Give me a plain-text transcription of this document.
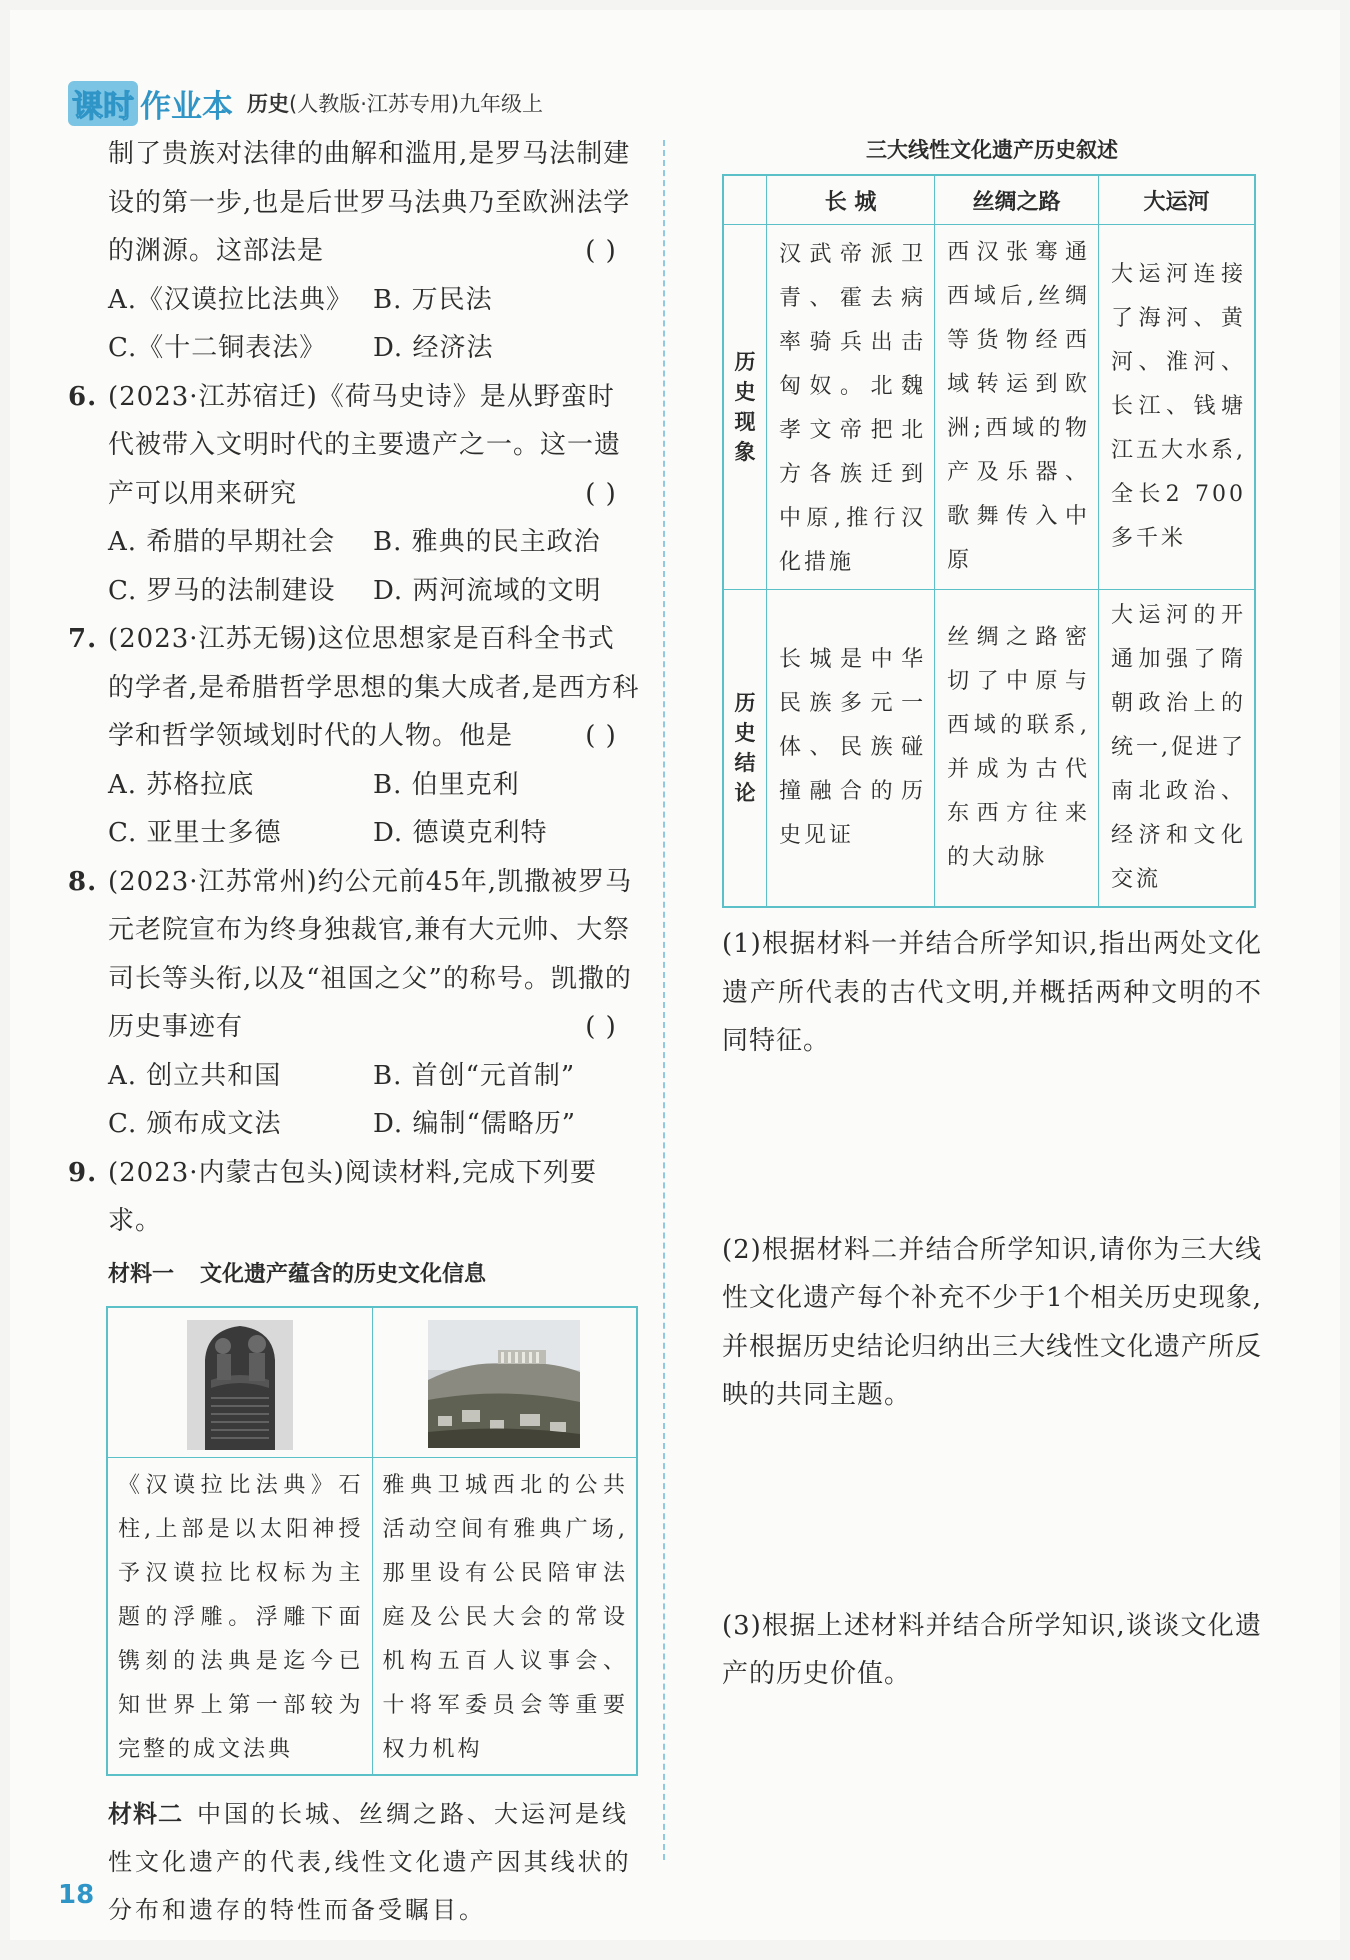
课时 作业本 历史(人教版·江苏专用)九年级上
制了贵族对法律的曲解和滥用,是罗马法制建设的第一步,也是后世罗马法典乃至欧洲法学的渊源。这部法是	( )
A.《汉谟拉比法典》 B. 万民法
C.《十二铜表法》	D. 经济法
6. (2023·江苏宿迁)《荷马史诗》是从野蛮时代被带入文明时代的主要遗产之一。这一遗产可以用来研究	( )
A. 希腊的早期社会	B. 雅典的民主政治
C. 罗马的法制建设	D. 两河流域的文明
7. (2023·江苏无锡)这位思想家是百科全书式的学者,是希腊哲学思想的集大成者,是西方科学和哲学领域划时代的人物。他是	( )
A. 苏格拉底	B. 伯里克利
C. 亚里士多德	D. 德谟克利特
8. (2023·江苏常州)约公元前45年,凯撒被罗马元老院宣布为终身独裁官,兼有大元帅、大祭司长等头衔,以及“祖国之父”的称号。凯撒的历史事迹有	( )
A. 创立共和国	B. 首创“元首制”
C. 颁布成文法	D. 编制“儒略历”
9. (2023·内蒙古包头)阅读材料,完成下列要求。
材料一 文化遗产蕴含的历史文化信息

《汉谟拉比法典》石柱,上部是以太阳神授予汉谟拉比权标为主题的浮雕。浮雕下面镌刻的法典是迄今已知世界上第一部较为完整的成文法典	雅典卫城西北的公共活动空间有雅典广场,那里设有公民陪审法庭及公民大会的常设机构五百人议事会、十将军委员会等重要权力机构
材料二 中国的长城、丝绸之路、大运河是线性文化遗产的代表,线性文化遗产因其线状的分布和遗存的特性而备受瞩目。
三大线性文化遗产历史叙述
	长 城	丝绸之路	大运河
历史现象	汉武帝派卫青、霍去病率骑兵出击匈奴。北魏孝文帝把北方各族迁到中原,推行汉化措施	西汉张骞通西域后,丝绸等货物经西域转运到欧洲;西域的物产及乐器、歌舞传入中原	大运河连接了海河、黄河、淮河、长江、钱塘江五大水系,全长2 700多千米
历史结论	长城是中华民族多元一体、民族碰撞融合的历史见证	丝绸之路密切了中原与西域的联系,并成为古代东西方往来的大动脉	大运河的开通加强了隋朝政治上的统一,促进了南北政治、经济和文化交流
(1)根据材料一并结合所学知识,指出两处文化遗产所代表的古代文明,并概括两种文明的不同特征。
(2)根据材料二并结合所学知识,请你为三大线性文化遗产每个补充不少于1个相关历史现象,并根据历史结论归纳出三大线性文化遗产所反映的共同主题。
(3)根据上述材料并结合所学知识,谈谈文化遗产的历史价值。
18
